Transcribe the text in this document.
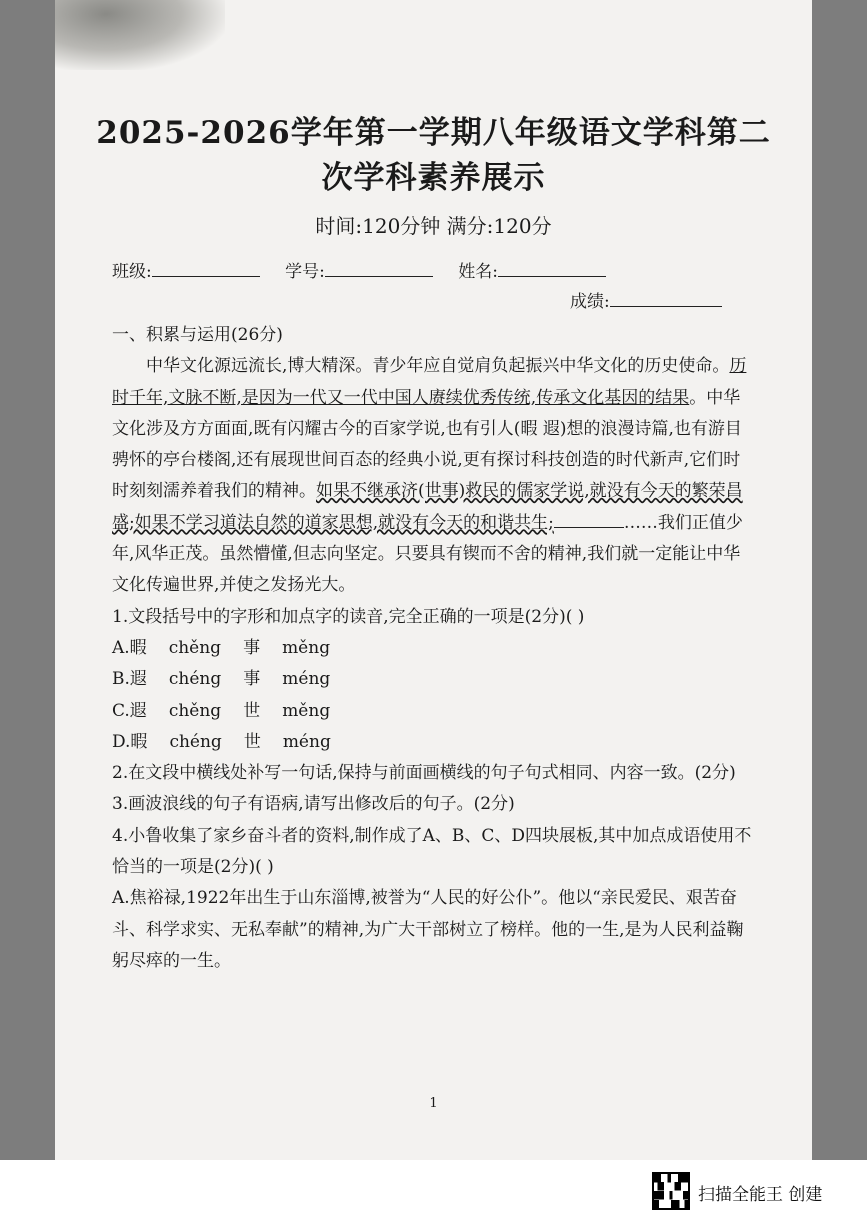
2025-2026学年第一学期八年级语文学科第二
次学科素养展示
时间:120分钟 满分:120分
班级:	学号:	姓名:
成绩:

一、积累与运用(26分)

中华文化源远流长,博大精深。青少年应自觉肩负起振兴中华文化的历史使命。历时千年,文脉不断,是因为一代又一代中国人赓续优秀传统,传承文化基因的结果。中华文化涉及方方面面,既有闪耀古今的百家学说,也有引人(暇 遐)想的浪漫诗篇,也有游目骋怀的亭台楼阁,还有展现世间百态的经典小说,更有探讨科技创造的时代新声,它们时时刻刻濡养着我们的精神。如果不继承济(世事)救民的儒家学说,就没有今天的繁荣昌盛;如果不学习道法自然的道家思想,就没有今天的和谐共生;	……我们正值少年,风华正茂。虽然懵懂,但志向坚定。只要具有锲而不舍的精神,我们就一定能让中华文化传遍世界,并使之发扬光大。

1.文段括号中的字形和加点字的读音,完全正确的一项是(2分)( )

A.暇 chěng 事 měng

B.遐 chéng 事 méng

C.遐 chěng 世 měng

D.暇 chéng 世 méng

2.在文段中横线处补写一句话,保持与前面画横线的句子句式相同、内容一致。(2分)

3.画波浪线的句子有语病,请写出修改后的句子。(2分)

4.小鲁收集了家乡奋斗者的资料,制作成了A、B、C、D四块展板,其中加点成语使用不恰当的一项是(2分)( )

A.焦裕禄,1922年出生于山东淄博,被誉为“人民的好公仆”。他以“亲民爱民、艰苦奋斗、科学求实、无私奉献”的精神,为广大干部树立了榜样。他的一生,是为人民利益鞠躬尽瘁的一生。

1
扫描全能王 创建
